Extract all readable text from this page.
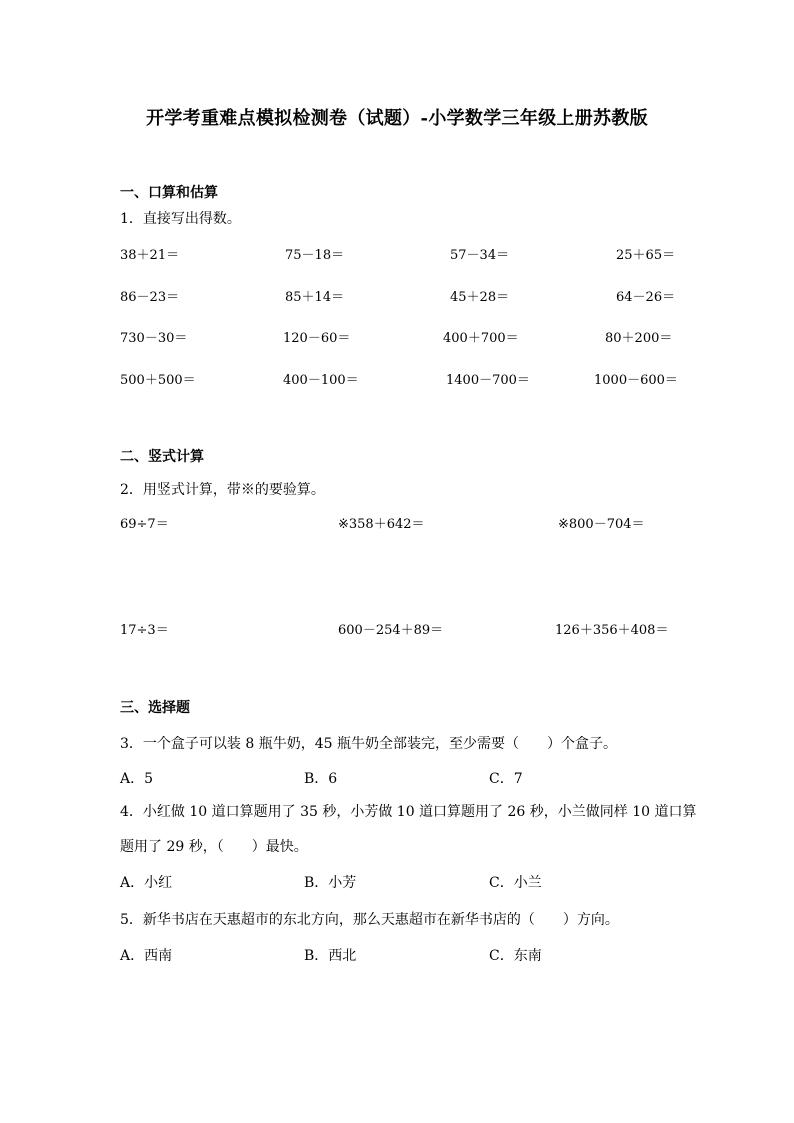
开学考重难点模拟检测卷（试题）-小学数学三年级上册苏教版
一、口算和估算
1．直接写出得数。
38＋21＝	75－18＝	57－34＝	25＋65＝
86－23＝	85＋14＝	45＋28＝	64－26＝
730－30＝	120－60＝	400＋700＝	80＋200＝
500＋500＝	400－100＝	1400－700＝	1000－600＝
二、竖式计算
2．用竖式计算，带※的要验算。
69÷7＝	※358＋642＝	※800－704＝
17÷3＝	600－254＋89＝	126＋356＋408＝
三、选择题
3．一个盒子可以装 8 瓶牛奶，45 瓶牛奶全部装完，至少需要（　　）个盒子。
A．5	B．6	C．7
4．小红做 10 道口算题用了 35 秒，小芳做 10 道口算题用了 26 秒，小兰做同样 10 道口算
题用了 29 秒，（　　）最快。
A．小红	B．小芳	C．小兰
5．新华书店在天惠超市的东北方向，那么天惠超市在新华书店的（　　）方向。
A．西南	B．西北	C．东南
